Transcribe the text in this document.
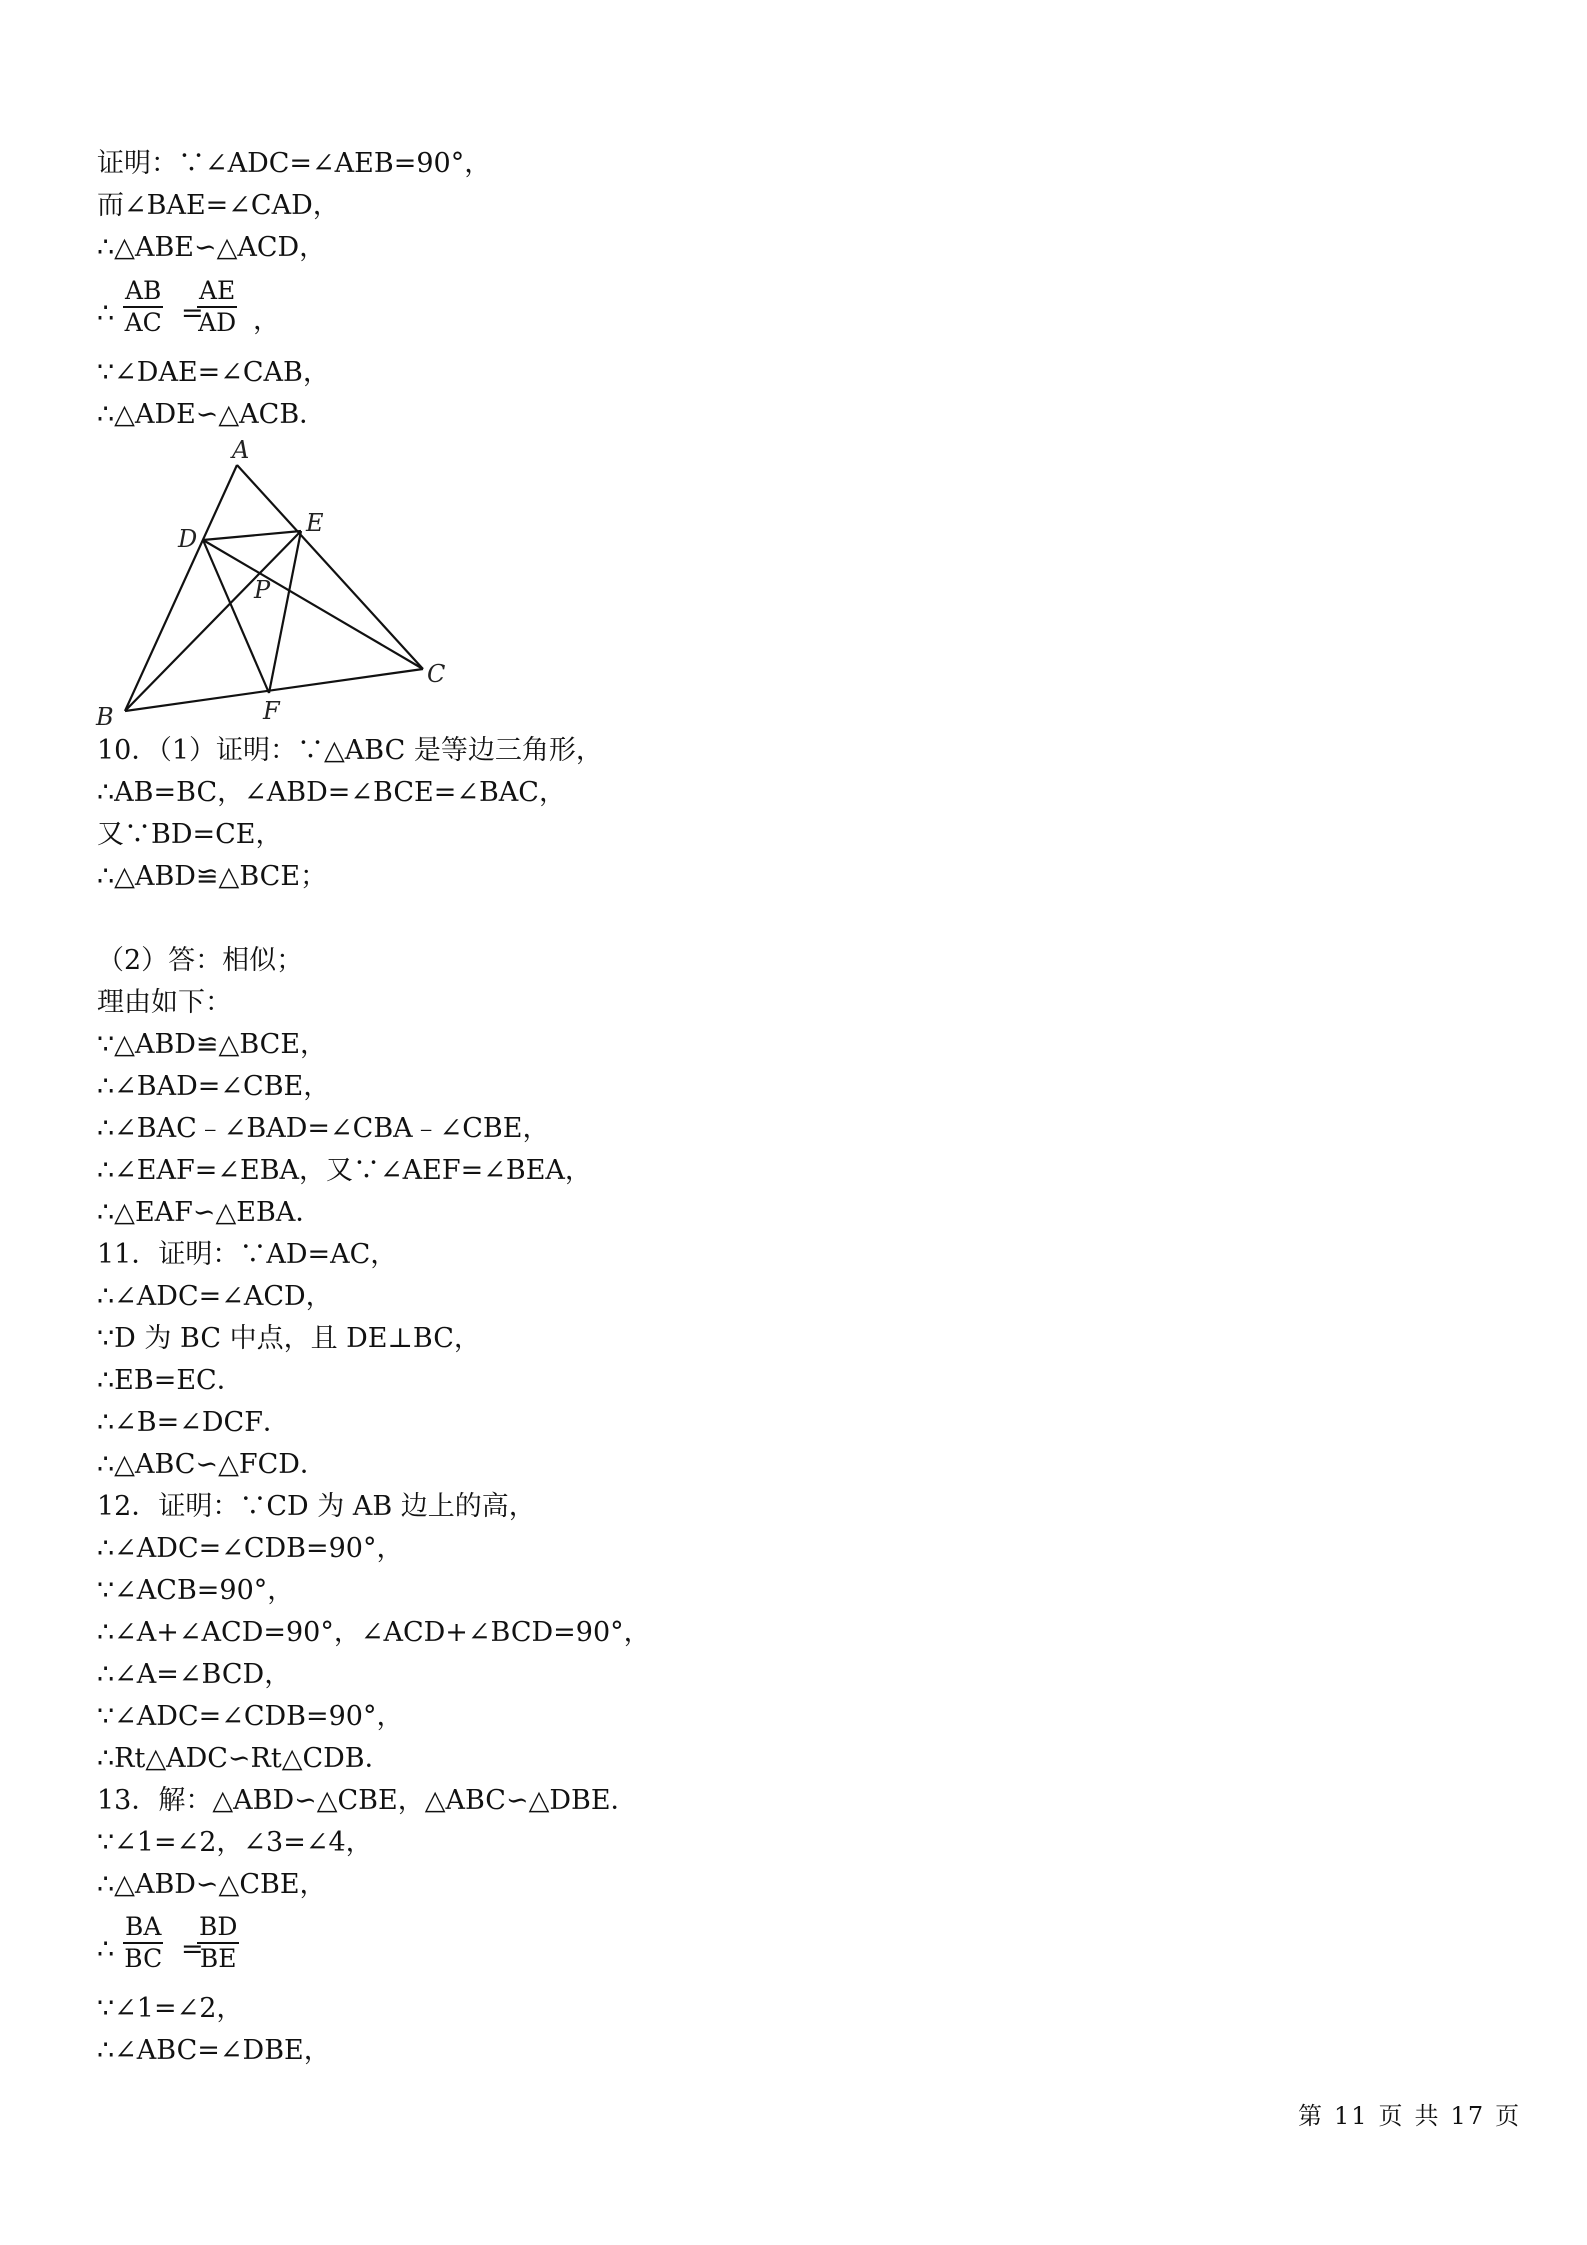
证明：∵∠ADC=∠AEB=90°，
而∠BAE=∠CAD，
∴△ABE∽△ACD，
∴ $\frac{AB}{AC}$ =
$\frac{AE}{AD}$ ，
∵∠DAE=∠CAB，
∴△ADE∽△ACB．
A
D
E
P
C
B	F
10．（1）证明：∵△ABC 是等边三角形，
∴AB=BC，∠ABD=∠BCE=∠BAC，
又∵BD=CE，
∴△ABD≌△BCE；
（2）答：相似；
理由如下：
∵△ABD≌△BCE，
∴∠BAD=∠CBE，
∴∠BAC﹣∠BAD=∠CBA﹣∠CBE，
∴∠EAF=∠EBA，又∵∠AEF=∠BEA，
∴△EAF∽△EBA．
11．证明：∵AD=AC，
∴∠ADC=∠ACD，
∵D 为 BC 中点，且 DE⊥BC，
∴EB=EC．
∴∠B=∠DCF．
∴△ABC∽△FCD．
12．证明：∵CD 为 AB 边上的高，
∴∠ADC=∠CDB=90°，
∵∠ACB=90°，
∴∠A+∠ACD=90°，∠ACD+∠BCD=90°，
∴∠A=∠BCD，
∵∠ADC=∠CDB=90°，
∴Rt△ADC∽Rt△CDB．
13．解：△ABD∽△CBE，△ABC∽△DBE．
∵∠1=∠2，∠3=∠4，
∴△ABD∽△CBE，
∴ $\frac{BA}{BC}$ =
$\frac{BD}{BE}$
∵∠1=∠2，
∴∠ABC=∠DBE，
第 11 页 共 17 页
